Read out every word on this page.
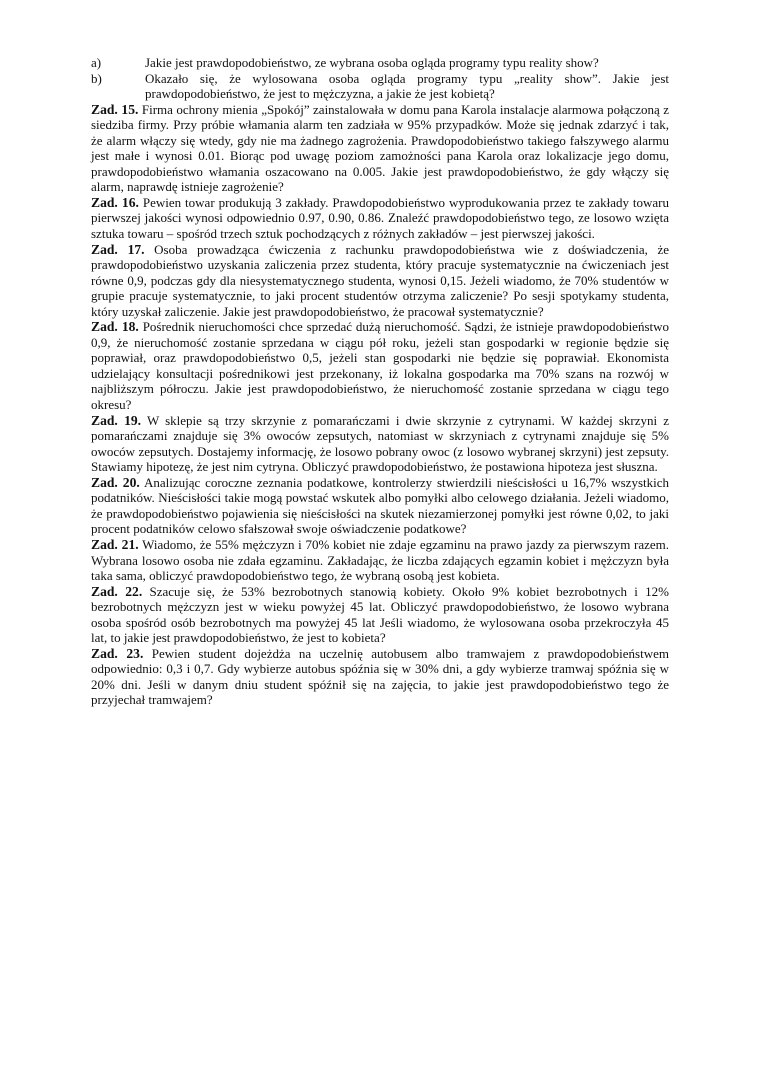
a)	Jakie jest prawdopodobieństwo, ze wybrana osoba ogląda programy typu reality show?
b)	Okazało się, że wylosowana osoba ogląda programy typu „reality show”. Jakie jest prawdopodobieństwo, że jest to mężczyzna, a jakie że jest kobietą?

Zad. 15. Firma ochrony mienia „Spokój” zainstalowała w domu pana Karola instalacje alarmowa połączoną z siedziba firmy. Przy próbie włamania alarm ten zadziała w 95% przypadków. Może się jednak zdarzyć i tak, że alarm włączy się wtedy, gdy nie ma żadnego zagrożenia. Prawdopodobieństwo takiego fałszywego alarmu jest małe i wynosi 0.01. Biorąc pod uwagę poziom zamożności pana Karola oraz lokalizacje jego domu, prawdopodobieństwo włamania oszacowano na 0.005. Jakie jest prawdopodobieństwo, że gdy włączy się alarm, naprawdę istnieje zagrożenie?

Zad. 16. Pewien towar produkują 3 zakłady. Prawdopodobieństwo wyprodukowania przez te zakłady towaru pierwszej jakości wynosi odpowiednio 0.97, 0.90, 0.86. Znaleźć prawdopodobieństwo tego, ze losowo wzięta sztuka towaru – spośród trzech sztuk pochodzących z różnych zakładów – jest pierwszej jakości.

Zad. 17. Osoba prowadząca ćwiczenia z rachunku prawdopodobieństwa wie z doświadczenia, że prawdopodobieństwo uzyskania zaliczenia przez studenta, który pracuje systematycznie na ćwiczeniach jest równe 0,9, podczas gdy dla niesystematycznego studenta, wynosi 0,15. Jeżeli wiadomo, że 70% studentów w grupie pracuje systematycznie, to jaki procent studentów otrzyma zaliczenie? Po sesji spotykamy studenta, który uzyskał zaliczenie. Jakie jest prawdopodobieństwo, że pracował systematycznie?

Zad. 18. Pośrednik nieruchomości chce sprzedać dużą nieruchomość. Sądzi, że istnieje prawdopodobieństwo 0,9, że nieruchomość zostanie sprzedana w ciągu pół roku, jeżeli stan gospodarki w regionie będzie się poprawiał, oraz prawdopodobieństwo 0,5, jeżeli stan gospodarki nie będzie się poprawiał. Ekonomista udzielający konsultacji pośrednikowi jest przekonany, iż lokalna gospodarka ma 70% szans na rozwój w najbliższym półroczu. Jakie jest prawdopodobieństwo, że nieruchomość zostanie sprzedana w ciągu tego okresu?

Zad. 19. W sklepie są trzy skrzynie z pomarańczami i dwie skrzynie z cytrynami. W każdej skrzyni z pomarańczami znajduje się 3% owoców zepsutych, natomiast w skrzyniach z cytrynami znajduje się 5% owoców zepsutych. Dostajemy informację, że losowo pobrany owoc (z losowo wybranej skrzyni) jest zepsuty. Stawiamy hipotezę, że jest nim cytryna. Obliczyć prawdopodobieństwo, że postawiona hipoteza jest słuszna.

Zad. 20. Analizując coroczne zeznania podatkowe, kontrolerzy stwierdzili nieścisłości u 16,7% wszystkich podatników. Nieścisłości takie mogą powstać wskutek albo pomyłki albo celowego działania. Jeżeli wiadomo, że prawdopodobieństwo pojawienia się nieścisłości na skutek niezamierzonej pomyłki jest równe 0,02, to jaki procent podatników celowo sfałszował swoje oświadczenie podatkowe?

Zad. 21. Wiadomo, że 55% mężczyzn i 70% kobiet nie zdaje egzaminu na prawo jazdy za pierwszym razem. Wybrana losowo osoba nie zdała egzaminu. Zakładając, że liczba zdających egzamin kobiet i mężczyzn była taka sama, obliczyć prawdopodobieństwo tego, że wybraną osobą jest kobieta.

Zad. 22. Szacuje się, że 53% bezrobotnych stanowią kobiety. Około 9% kobiet bezrobotnych i 12% bezrobotnych mężczyzn jest w wieku powyżej 45 lat. Obliczyć prawdopodobieństwo, że losowo wybrana osoba spośród osób bezrobotnych ma powyżej 45 lat Jeśli wiadomo, że wylosowana osoba przekroczyła 45 lat, to jakie jest prawdopodobieństwo, że jest to kobieta?

Zad. 23. Pewien student dojeżdża na uczelnię autobusem albo tramwajem z prawdopodobieństwem odpowiednio: 0,3 i 0,7. Gdy wybierze autobus spóźnia się w 30% dni, a gdy wybierze tramwaj spóźnia się w 20% dni. Jeśli w danym dniu student spóźnił się na zajęcia, to jakie jest prawdopodobieństwo tego że przyjechał tramwajem?
